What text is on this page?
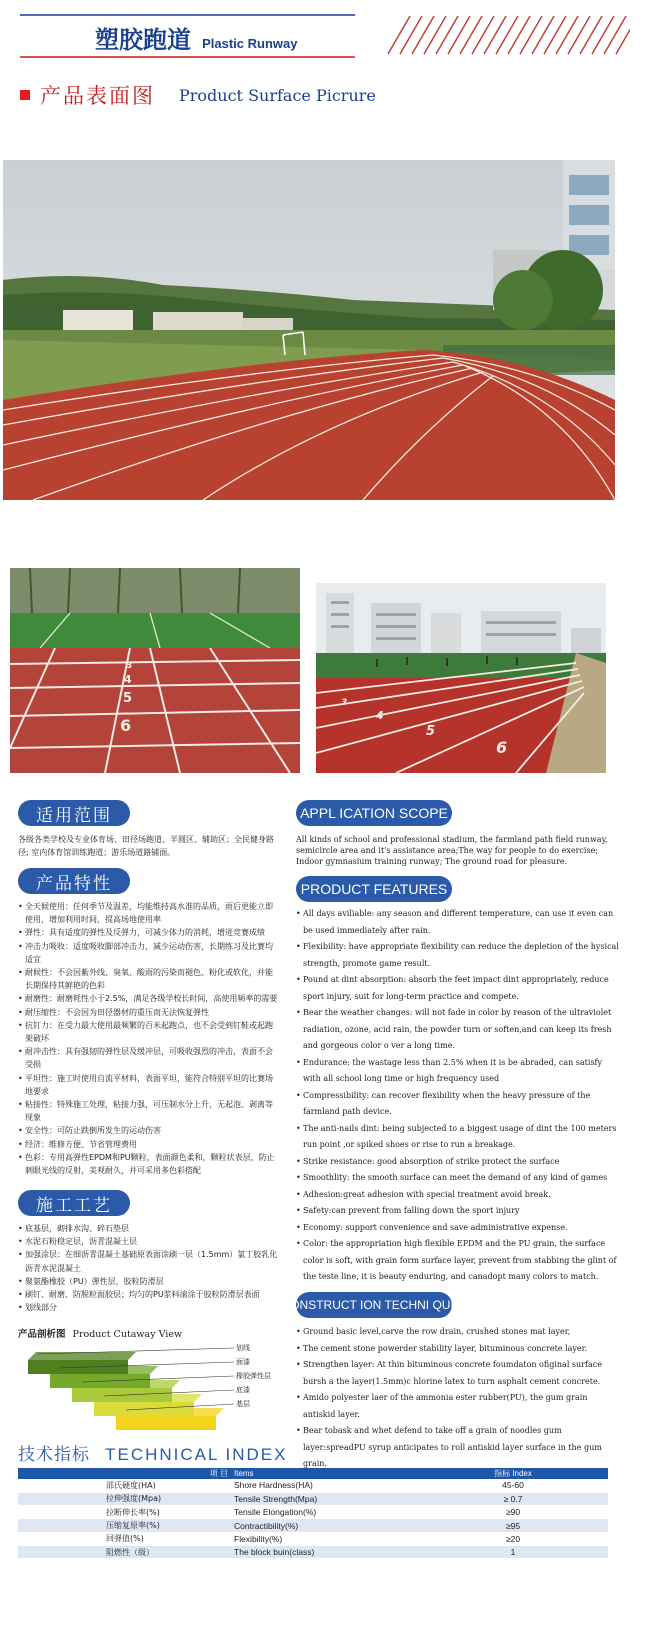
塑胶跑道 Plastic Runway
产品表面图 Product Surface Picrure
3
4
5
6
3
4
5
6
适用范围
各级各类学校及专业体育场、田径场跑道、半圆区、辅助区；全民健身路径; 室内体育馆训练跑道；游乐场道路铺面。
APPL ICATION SCOPE
All kinds of school and professional stadium, the farmland path field runway, semicircle area and it's assistance area;The way for people to do exercise; Indoor gymnasium training runway; The ground road for pleasure.
产品特性
• 全天候使用：任何季节及温差，均能维持高水准的品质，雨后更能立即使用，增加利用时间，提高场地使用率
• 弹性：具有适度的弹性及反弹力，可减少体力的消耗，增进竞赛成绩
• 冲击力吸收：适度吸收脚部冲击力，减少运动伤害，长期练习及比赛均适宜
• 耐候性：不会因紫外线、臭氧、酸雨的污染而褪色、粉化或软化，并能长期保持其鲜艳的色彩
• 耐磨性：耐磨耗性小于2.5%，满足各级学校长时间，高使用频率的需要
• 耐压缩性：不会因为田径器材的重压而无法恢复弹性
• 抗钉力：在受力最大使用最频繁的百米起跑点，也不会受到钉鞋或起跑架破坏
• 耐冲击性：具有强韧的弹性层及缓冲层，可吸收强烈的冲击，表面不会受损
• 平坦性：施工时使用自流平材料，表面平坦，能符合特别平坦的比赛场地要求
• 粘接性：特殊施工处理，粘接力强，可压制水分上升，无起泡、剥离等现象
• 安全性：可防止跌倒所发生的运动伤害
• 经济：维修方便、节省管理费用
• 色彩：专用高弹性EPDM和PU颗粒，表面颜色柔和，颗粒状表层，防止刺眼光线的反射，美观耐久，并可采用多色彩搭配
PRODUCT FEATURES
• All days aviliable: any season and different temperature, can use it even can be used immediately after rain.
• Flexibility: have appropriate flexibility can reduce the depletion of the hysical strength, promote game result.
• Pound at dint absorption: absorb the feet impact dint appropriately, reduce sport injury, suit for long-term practice and compete.
• Bear the weather changes: will not fade in color by reason of the ultraviolet radiation, ozone, acid rain, the powder turn or soften,and can keep its fresh and gorgeous color o ver a long time.
• Endurance: the wastage less than 2.5% when it is be abraded, can satisfy with all school long time or high frequency used
• Compressibility: can recover flexibility when the heavy pressure of the farmland path device.
• The anti-nails dint: being subjected to a biggest usage of dint the 100 meters run point ,or spiked shoes or rise to run a breakage.
• Strike resistance: good absorption of strike protect the surface
• Smoothlity: the smooth surface can meet the demand of any kind of games
• Adhesion:great adhesion with special treatment avoid break.
• Safety:can prevent from falling down the sport injury
• Economy: support convenience and save administrative expense.
• Color: the appropriation high flexible EPDM and the PU grain, the surface color is soft, with grain form surface layer, prevent from stabbing the glint of the teste line, it is beauty enduring, and canadopt many colors to match.
施工工艺
• 底基层，砌排水沟、碎石垫层
• 水泥石粉稳定层，沥青混凝土层
• 加强涂层：在细沥青混凝土基础原表面涂刷一层（1.5mm）氯丁胶乳化沥青水泥混凝土
• 聚氨酯橡胶（PU）弹性层，胶粒防滑层
• 刷钉、耐磨、防脱粒面胶层；均匀的PU浆料滚涂于胶粒防滑层表面
• 划线部分	CONSTRUCT ION TECHNI QUES
• Ground basic level,carve the row drain, crushed stones mat layer,
• The cement stone powerder stability layer, bituminous concrete layer.
• Strengthen layer: At thin bituminous concrete foumdaton ofiginal surface bursh a the layer(1.5mm)c hlorine latex to turn asphalt cement concrete.
• Amido polyester laer of the ammonia ester rubber(PU), the gum grain antiskid layer.
• Bear tobask and whet defend to take off a grain of noodles gum layer:spreadPU syrup anticipates to roll antiskid layer surface in the gum grain.
•
产品剖析图 Product Cutaway View
划线
面漆
橡胶弹性层
底漆
基层
技术指标 TECHNICAL INDEX
项 目	Items	指标 Index
邵氏硬度(HA)	Shore Hardness(HA)	45-60
拉伸强度(Mpa)	Tensile Strength(Mpa)	≥ 0.7
拉断伸长率(%)	Tensile Elongation(%)	≥90
压缩复原率(%)	Contractibility(%)	≥95
回弹值(%)	Flexibility(%)	≥20
阻燃性（级）	The block buin(class)	1
